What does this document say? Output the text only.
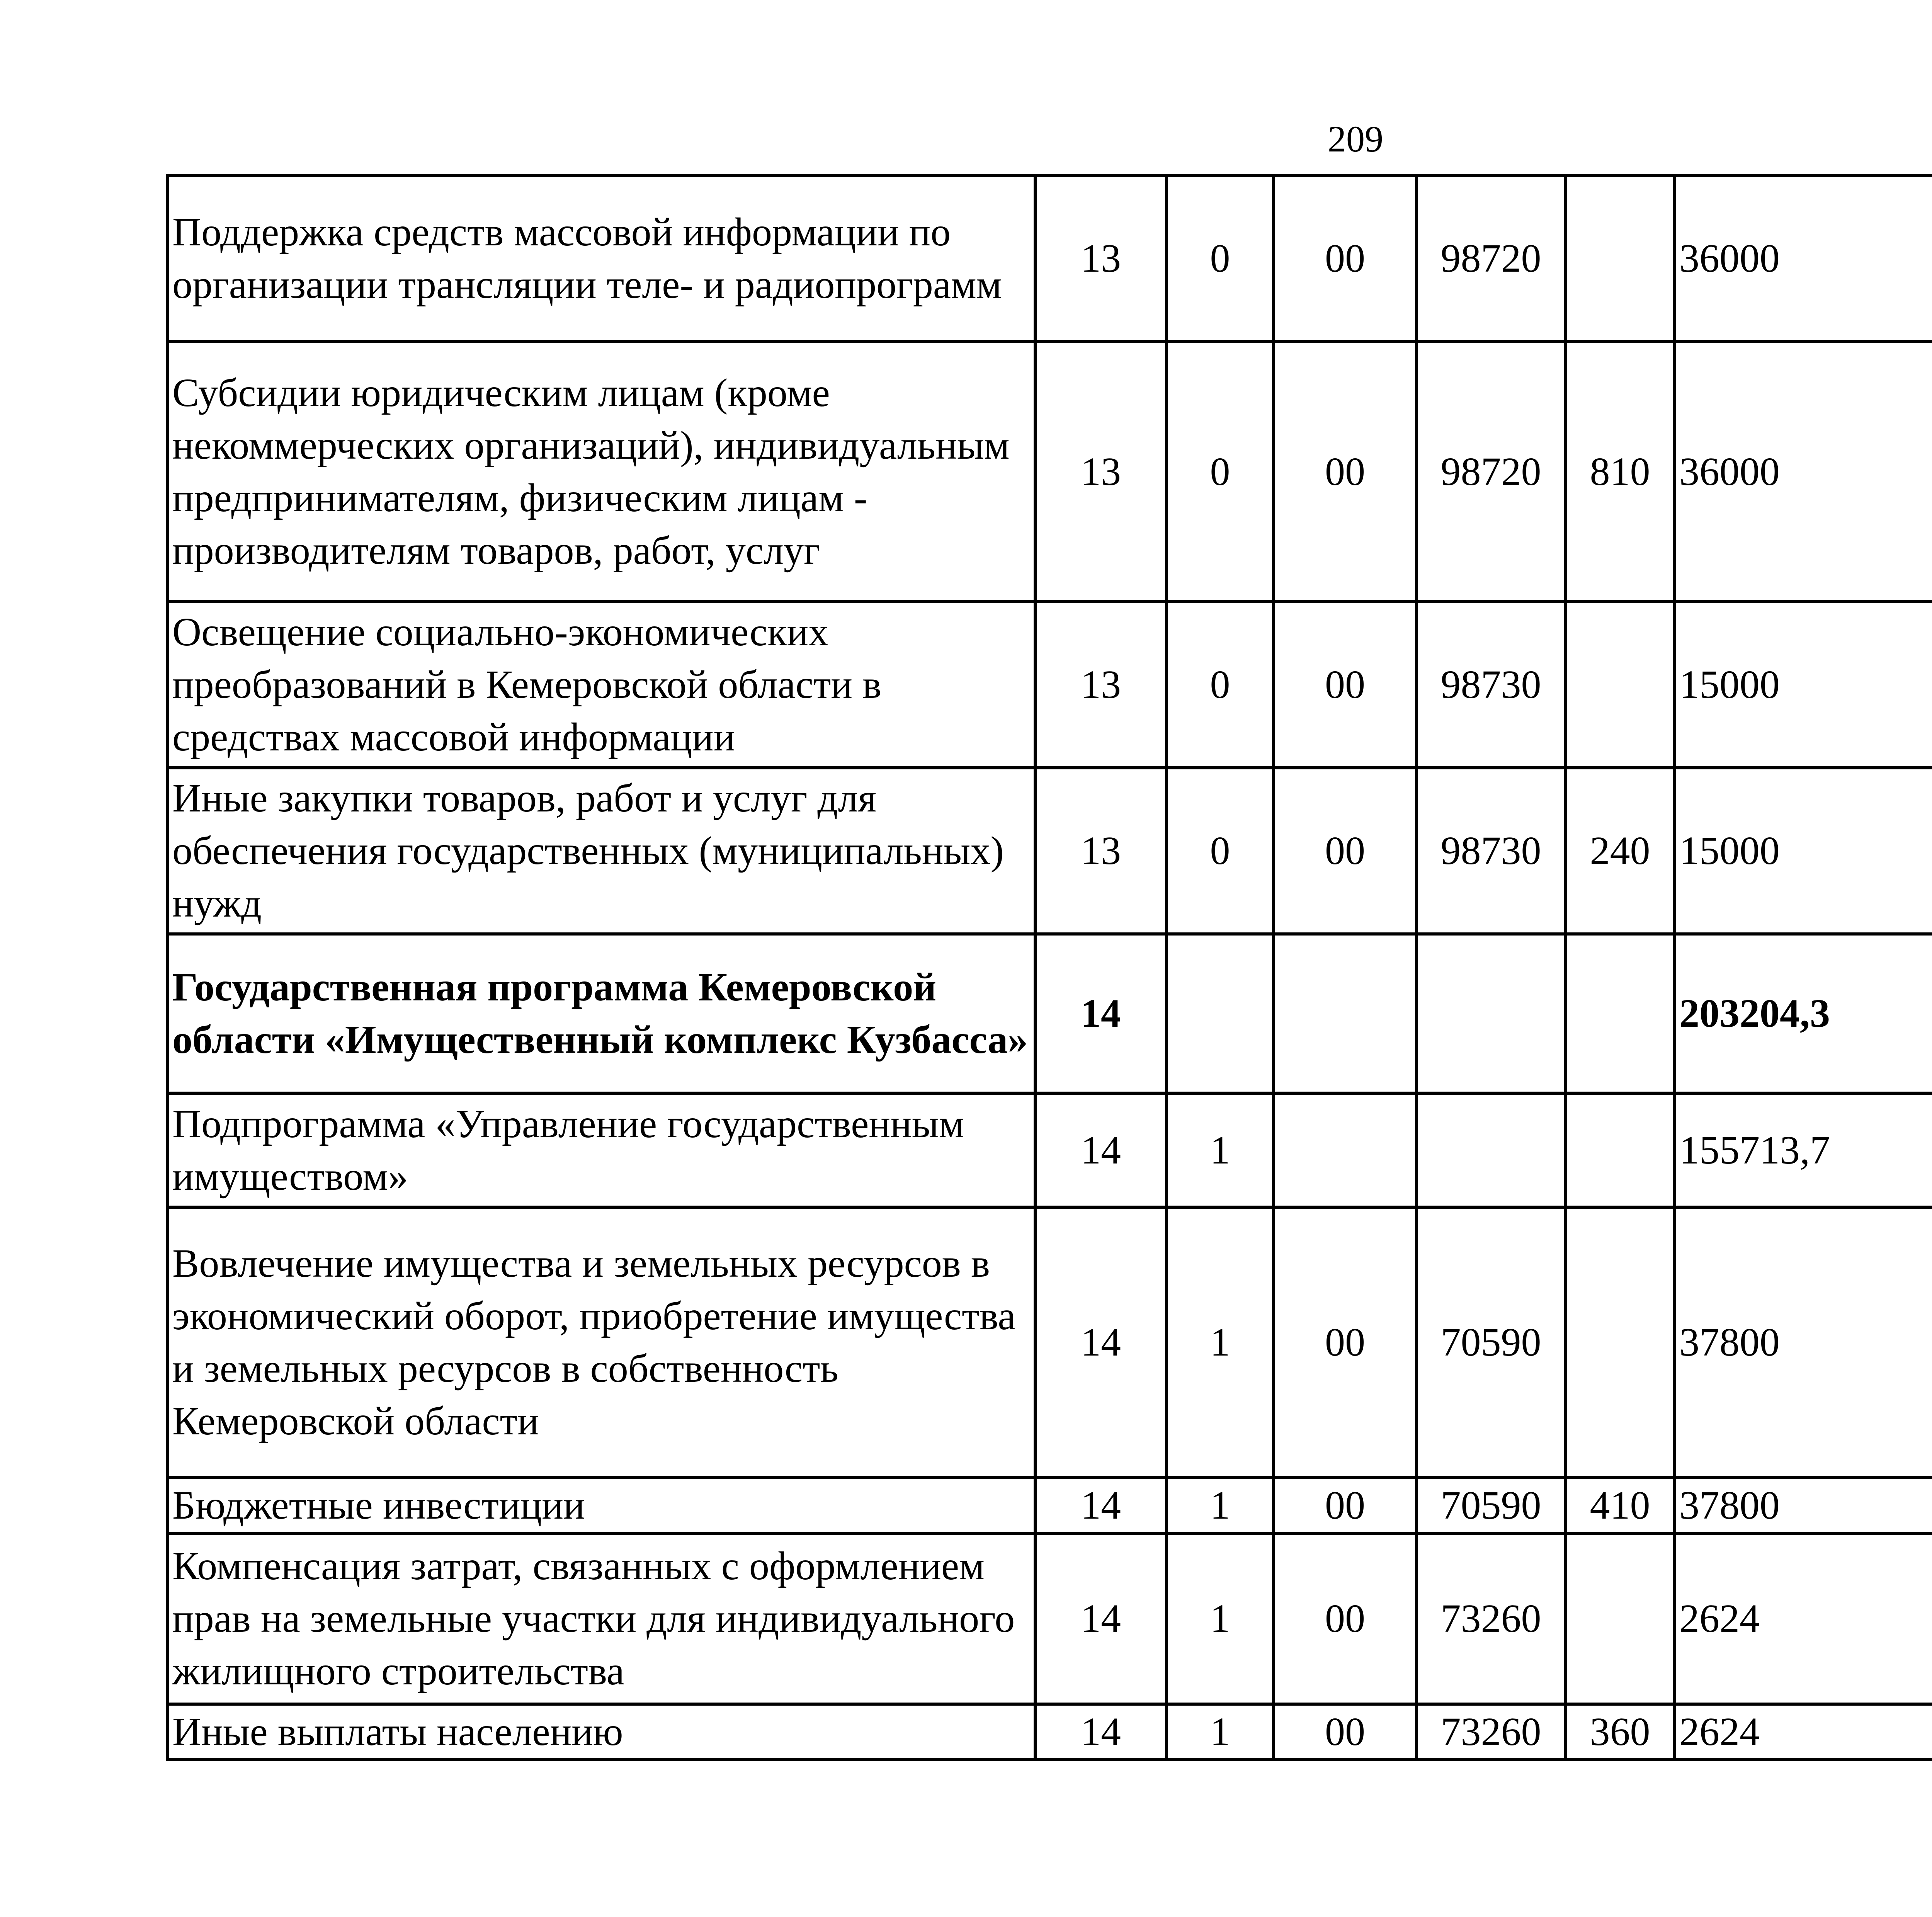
209
Поддержка средств массовой информации по организации трансляции теле- и радиопрограмм	13	0	00	98720		36000		
Субсидии юридическим лицам (кроме некоммерческих организаций), индивидуальным предпринимателям, физическим лицам - производителям товаров, работ, услуг	13	0	00	98720	810	36000		
Освещение социально-экономических преобразований в Кемеровской области в средствах массовой информации	13	0	00	98730		15000		
Иные закупки товаров, работ и услуг для обеспечения государственных (муниципальных) нужд	13	0	00	98730	240	15000		
Государственная программа Кемеровской области «Имущественный комплекс Кузбасса»	14					203204,3		
Подпрограмма «Управление государственным имуществом»	14	1				155713,7		
Вовлечение имущества и земельных ресурсов в экономический оборот, приобретение имущества и земельных ресурсов в собственность Кемеровской области	14	1	00	70590		37800		
Бюджетные инвестиции	14	1	00	70590	410	37800		
Компенсация затрат, связанных с оформлением прав на земельные участки для индивидуального жилищного строительства	14	1	00	73260		2624		
Иные выплаты населению	14	1	00	73260	360	2624		
